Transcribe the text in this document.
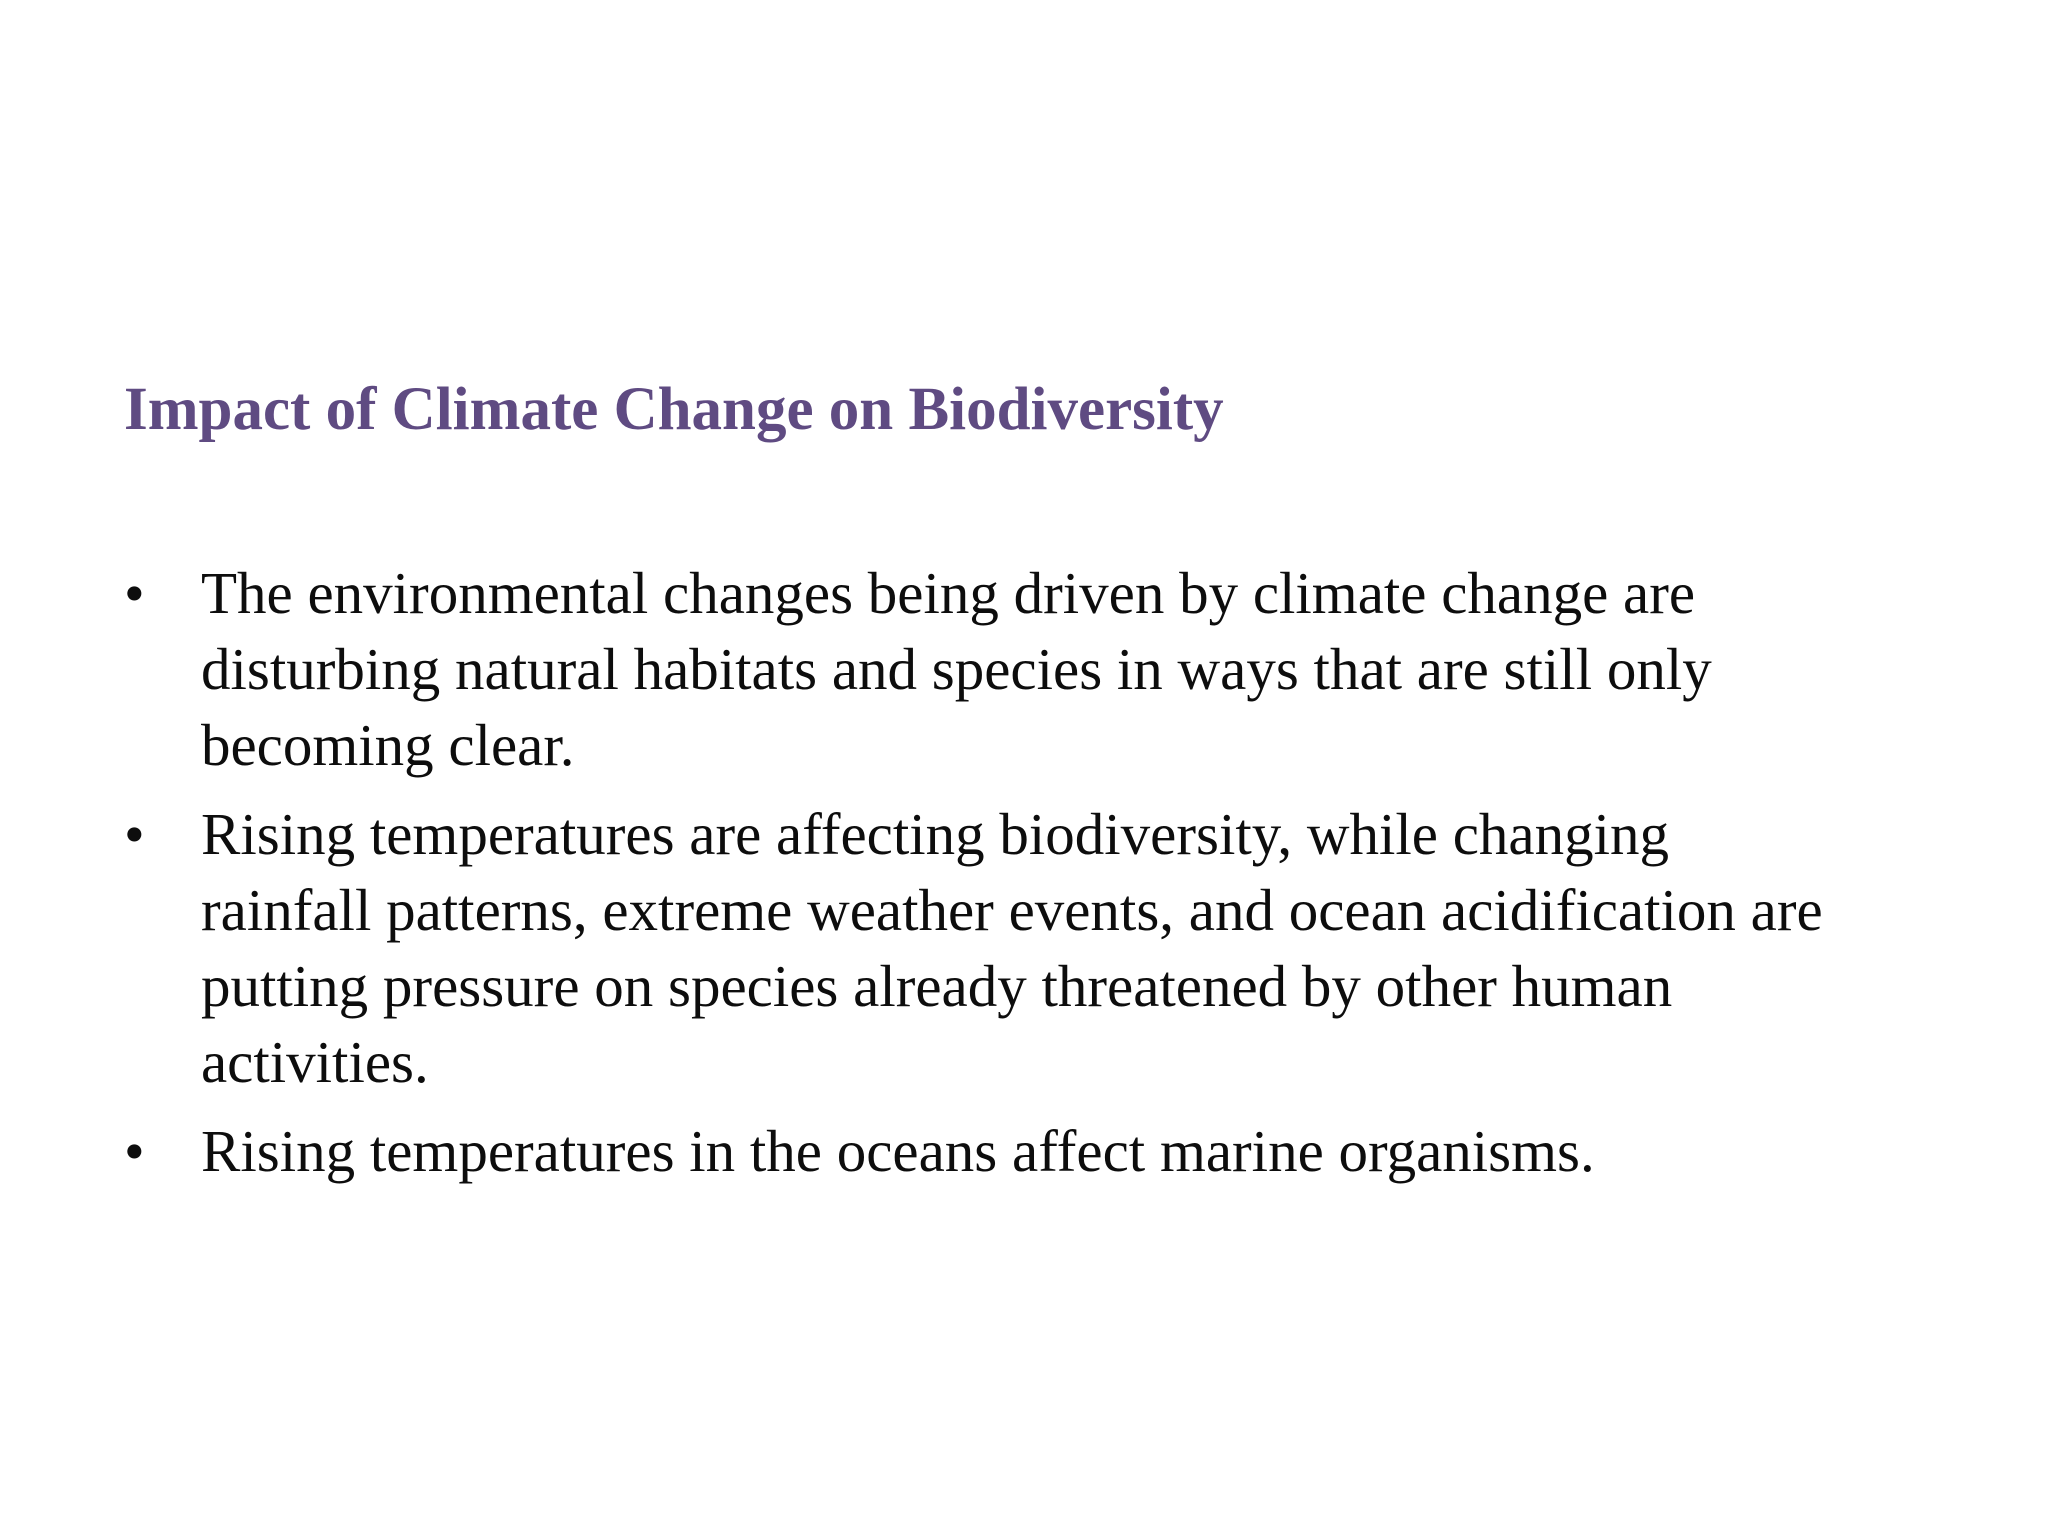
Impact of Climate Change on Biodiversity
• The environmental changes being driven by climate change are
disturbing natural habitats and species in ways that are still only
becoming clear.
• Rising temperatures are affecting biodiversity, while changing
rainfall patterns, extreme weather events, and ocean acidification are
putting pressure on species already threatened by other human
activities.
• Rising temperatures in the oceans affect marine organisms.
